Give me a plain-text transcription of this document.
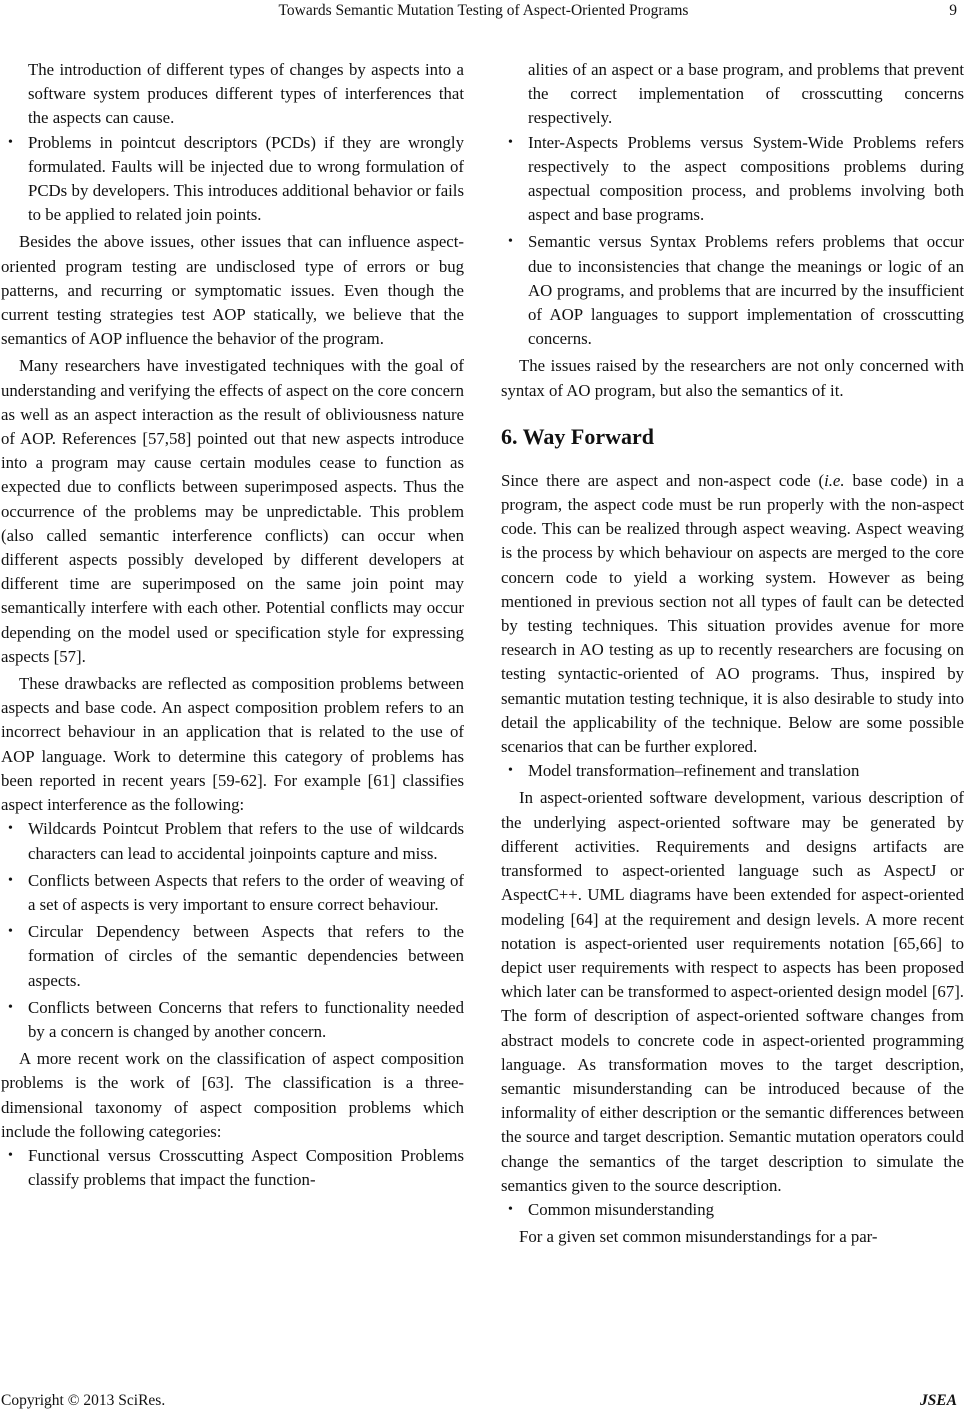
Towards Semantic Mutation Testing of Aspect-Oriented Programs	9

The introduction of different types of changes by aspects into a software system produces different types of interferences that the aspects can cause.

• Problems in pointcut descriptors (PCDs) if they are wrongly formulated. Faults will be injected due to wrong formulation of PCDs by developers. This introduces additional behavior or fails to be applied to related join points.

Besides the above issues, other issues that can influence aspect-oriented program testing are undisclosed type of errors or bug patterns, and recurring or symptomatic issues. Even though the current testing strategies test AOP statically, we believe that the semantics of AOP influence the behavior of the program.

Many researchers have investigated techniques with the goal of understanding and verifying the effects of aspect on the core concern as well as an aspect interaction as the result of obliviousness nature of AOP. References [57,58] pointed out that new aspects introduce into a program may cause certain modules cease to function as expected due to conflicts between superimposed aspects. Thus the occurrence of the problems may be unpredictable. This problem (also called semantic interference conflicts) can occur when different aspects possibly developed by different developers at different time are superimposed on the same join point may semantically interfere with each other. Potential conflicts may occur depending on the model used or specification style for expressing aspects [57].

These drawbacks are reflected as composition problems between aspects and base code. An aspect composition problem refers to an incorrect behaviour in an application that is related to the use of AOP language. Work to determine this category of problems has been reported in recent years [59-62]. For example [61] classifies aspect interference as the following:

• Wildcards Pointcut Problem that refers to the use of wildcards characters can lead to accidental joinpoints capture and miss.
• Conflicts between Aspects that refers to the order of weaving of a set of aspects is very important to ensure correct behaviour.
• Circular Dependency between Aspects that refers to the formation of circles of the semantic dependencies between aspects.
• Conflicts between Concerns that refers to functionality needed by a concern is changed by another concern.

A more recent work on the classification of aspect composition problems is the work of [63]. The classification is a three-dimensional taxonomy of aspect composition problems which include the following categories:

• Functional versus Crosscutting Aspect Composition Problems classify problems that impact the function-

alities of an aspect or a base program, and problems that prevent the correct implementation of crosscutting concerns respectively.

• Inter-Aspects Problems versus System-Wide Problems refers respectively to the aspect compositions problems during aspectual composition process, and problems involving both aspect and base programs.
• Semantic versus Syntax Problems refers problems that occur due to inconsistencies that change the meanings or logic of an AO programs, and problems that are incurred by the insufficient of AOP languages to support implementation of crosscutting concerns.

The issues raised by the researchers are not only concerned with syntax of AO program, but also the semantics of it.

6. Way Forward

Since there are aspect and non-aspect code (i.e. base code) in a program, the aspect code must be run properly with the non-aspect code. This can be realized through aspect weaving. Aspect weaving is the process by which behaviour on aspects are merged to the core concern code to yield a working system. However as being mentioned in previous section not all types of fault can be detected by testing techniques. This situation provides avenue for more research in AO testing as up to recently researchers are focusing on testing syntactic-oriented of AO programs. Thus, inspired by semantic mutation testing technique, it is also desirable to study into detail the applicability of the technique. Below are some possible scenarios that can be further explored.

• Model transformation–refinement and translation

In aspect-oriented software development, various description of the underlying aspect-oriented software may be generated by different activities. Requirements and designs artifacts are transformed to aspect-oriented language such as AspectJ or AspectC++. UML diagrams have been extended for aspect-oriented modeling [64] at the requirement and design levels. A more recent notation is aspect-oriented user requirements notation [65,66] to depict user requirements with respect to aspects has been proposed which later can be transformed to aspect-oriented design model [67]. The form of description of aspect-oriented software changes from abstract models to concrete code in aspect-oriented programming language. As transformation moves to the target description, semantic misunderstanding can be introduced because of the informality of either description or the semantic differences between the source and target description. Semantic mutation operators could change the semantics of the target description to simulate the semantics given to the source description.

• Common misunderstanding

For a given set common misunderstandings for a par-

Copyright © 2013 SciRes.	JSEA
